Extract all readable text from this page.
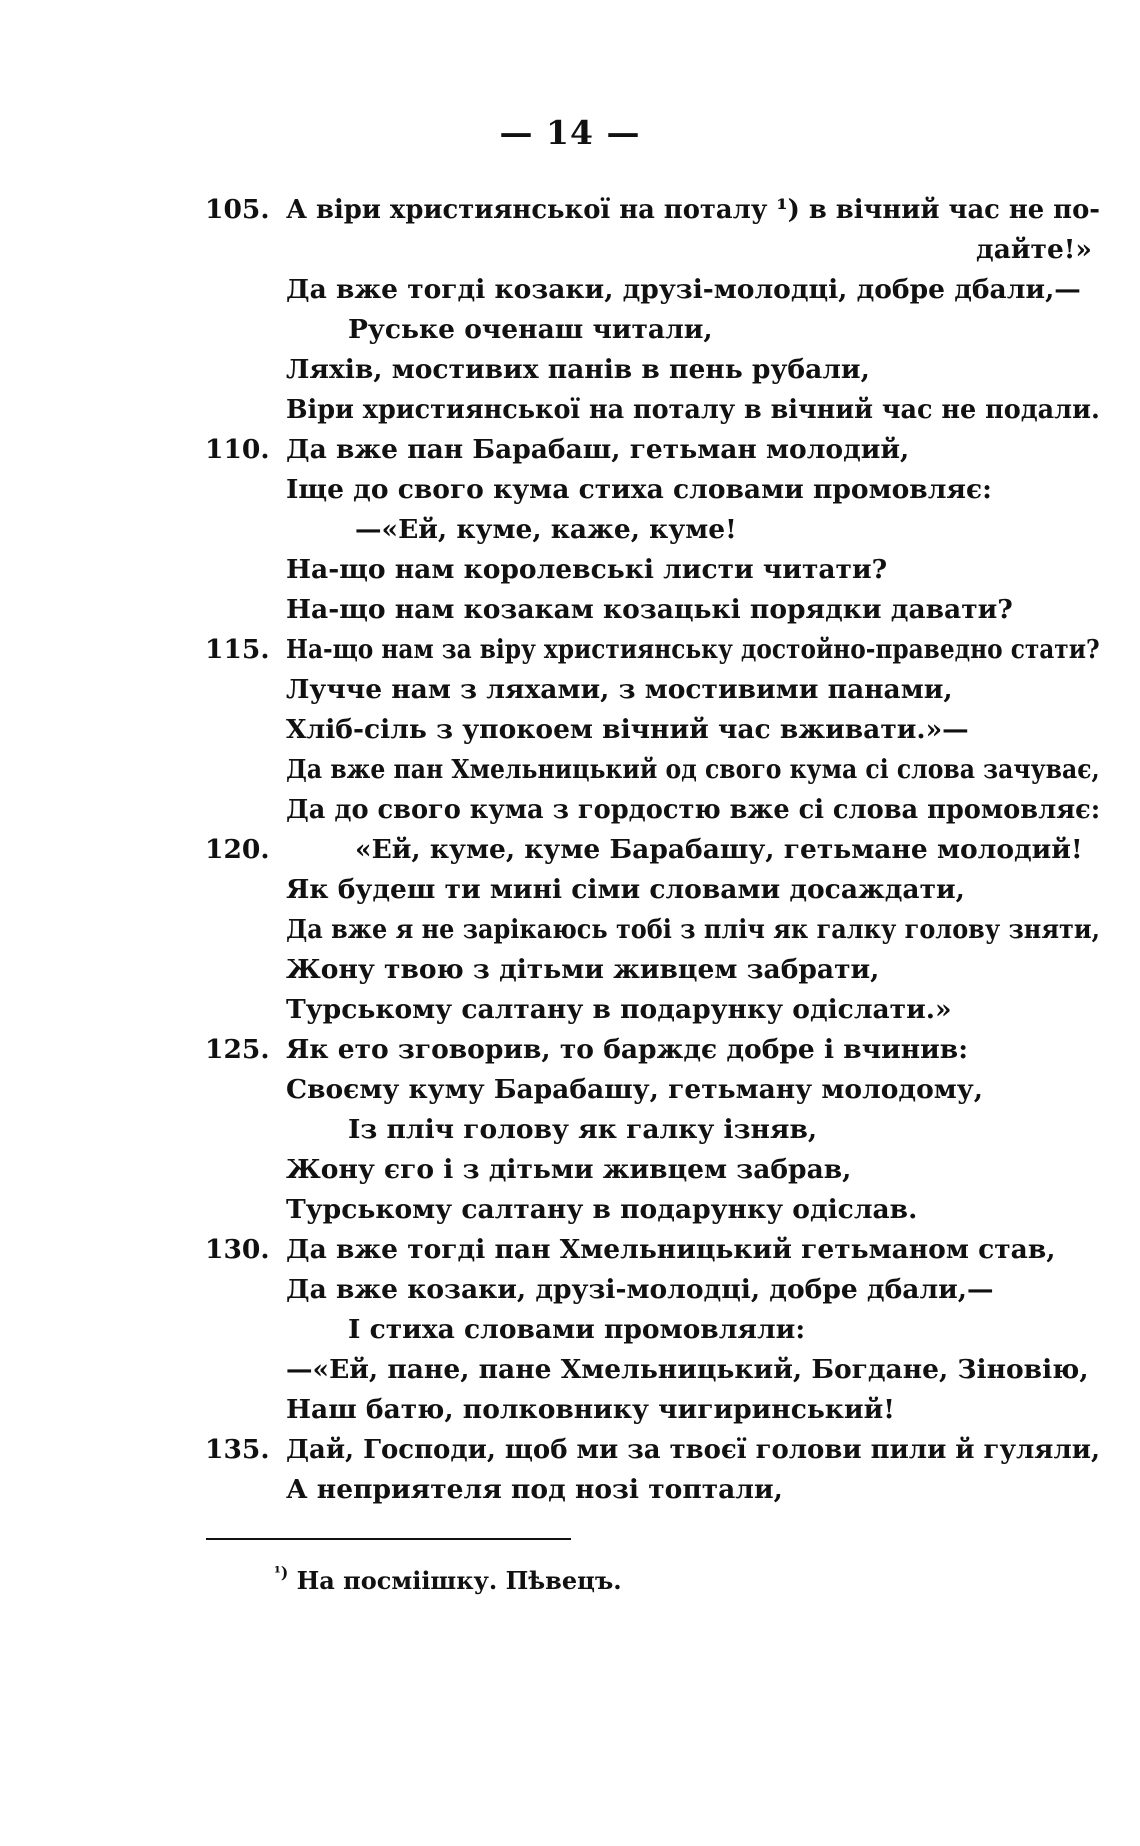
— 14 —
105. А віри християнської на поталу ¹) в вічний час не по-
дайте!»
Да вже тогді козаки, друзі-молодці, добре дбали,—
Руське оченаш читали,
Ляхів, мостивих панів в пень рубали,
Віри християнської на поталу в вічний час не подали.
110. Да вже пан Барабаш, гетьман молодий,
Іще до свого кума стиха словами промовляє:
—«Ей, куме, каже, куме!
На-що нам королевські листи читати?
На-що нам козакам козацькі порядки давати?
115. На-що нам за віру християнську достойно-праведно стати?
Лучче нам з ляхами, з мостивими панами,
Хліб-сіль з упокоем вічний час вживати.»—
Да вже пан Хмельницький од свого кума сі слова зачуває,
Да до свого кума з гордостю вже сі слова промовляє:
120.	«Ей, куме, куме Барабашу, гетьмане молодий!
Як будеш ти мині сіми словами досаждати,
Да вже я не зарікаюсь тобі з пліч як галку голову зняти,
Жону твою з дітьми живцем забрати,
Турському салтану в подарунку одіслати.»
125. Як ето зговорив, то барждє добре і вчинив:
Своєму куму Барабашу, гетьману молодому,
Із пліч голову як галку ізняв,
Жону єго і з дітьми живцем забрав,
Турському салтану в подарунку одіслав.
130. Да вже тогді пан Хмельницький гетьманом став,
Да вже козаки, друзі-молодці, добре дбали,—
І стиха словами промовляли:
—«Ей, пане, пане Хмельницький, Богдане, Зіновію,
Наш батю, полковнику чигиринський!
135. Дай, Господи, щоб ми за твоєї голови пили й гуляли,
А неприятеля под нозі топтали,
$^{^1)}$ На посміішку. Пѣвецъ.
